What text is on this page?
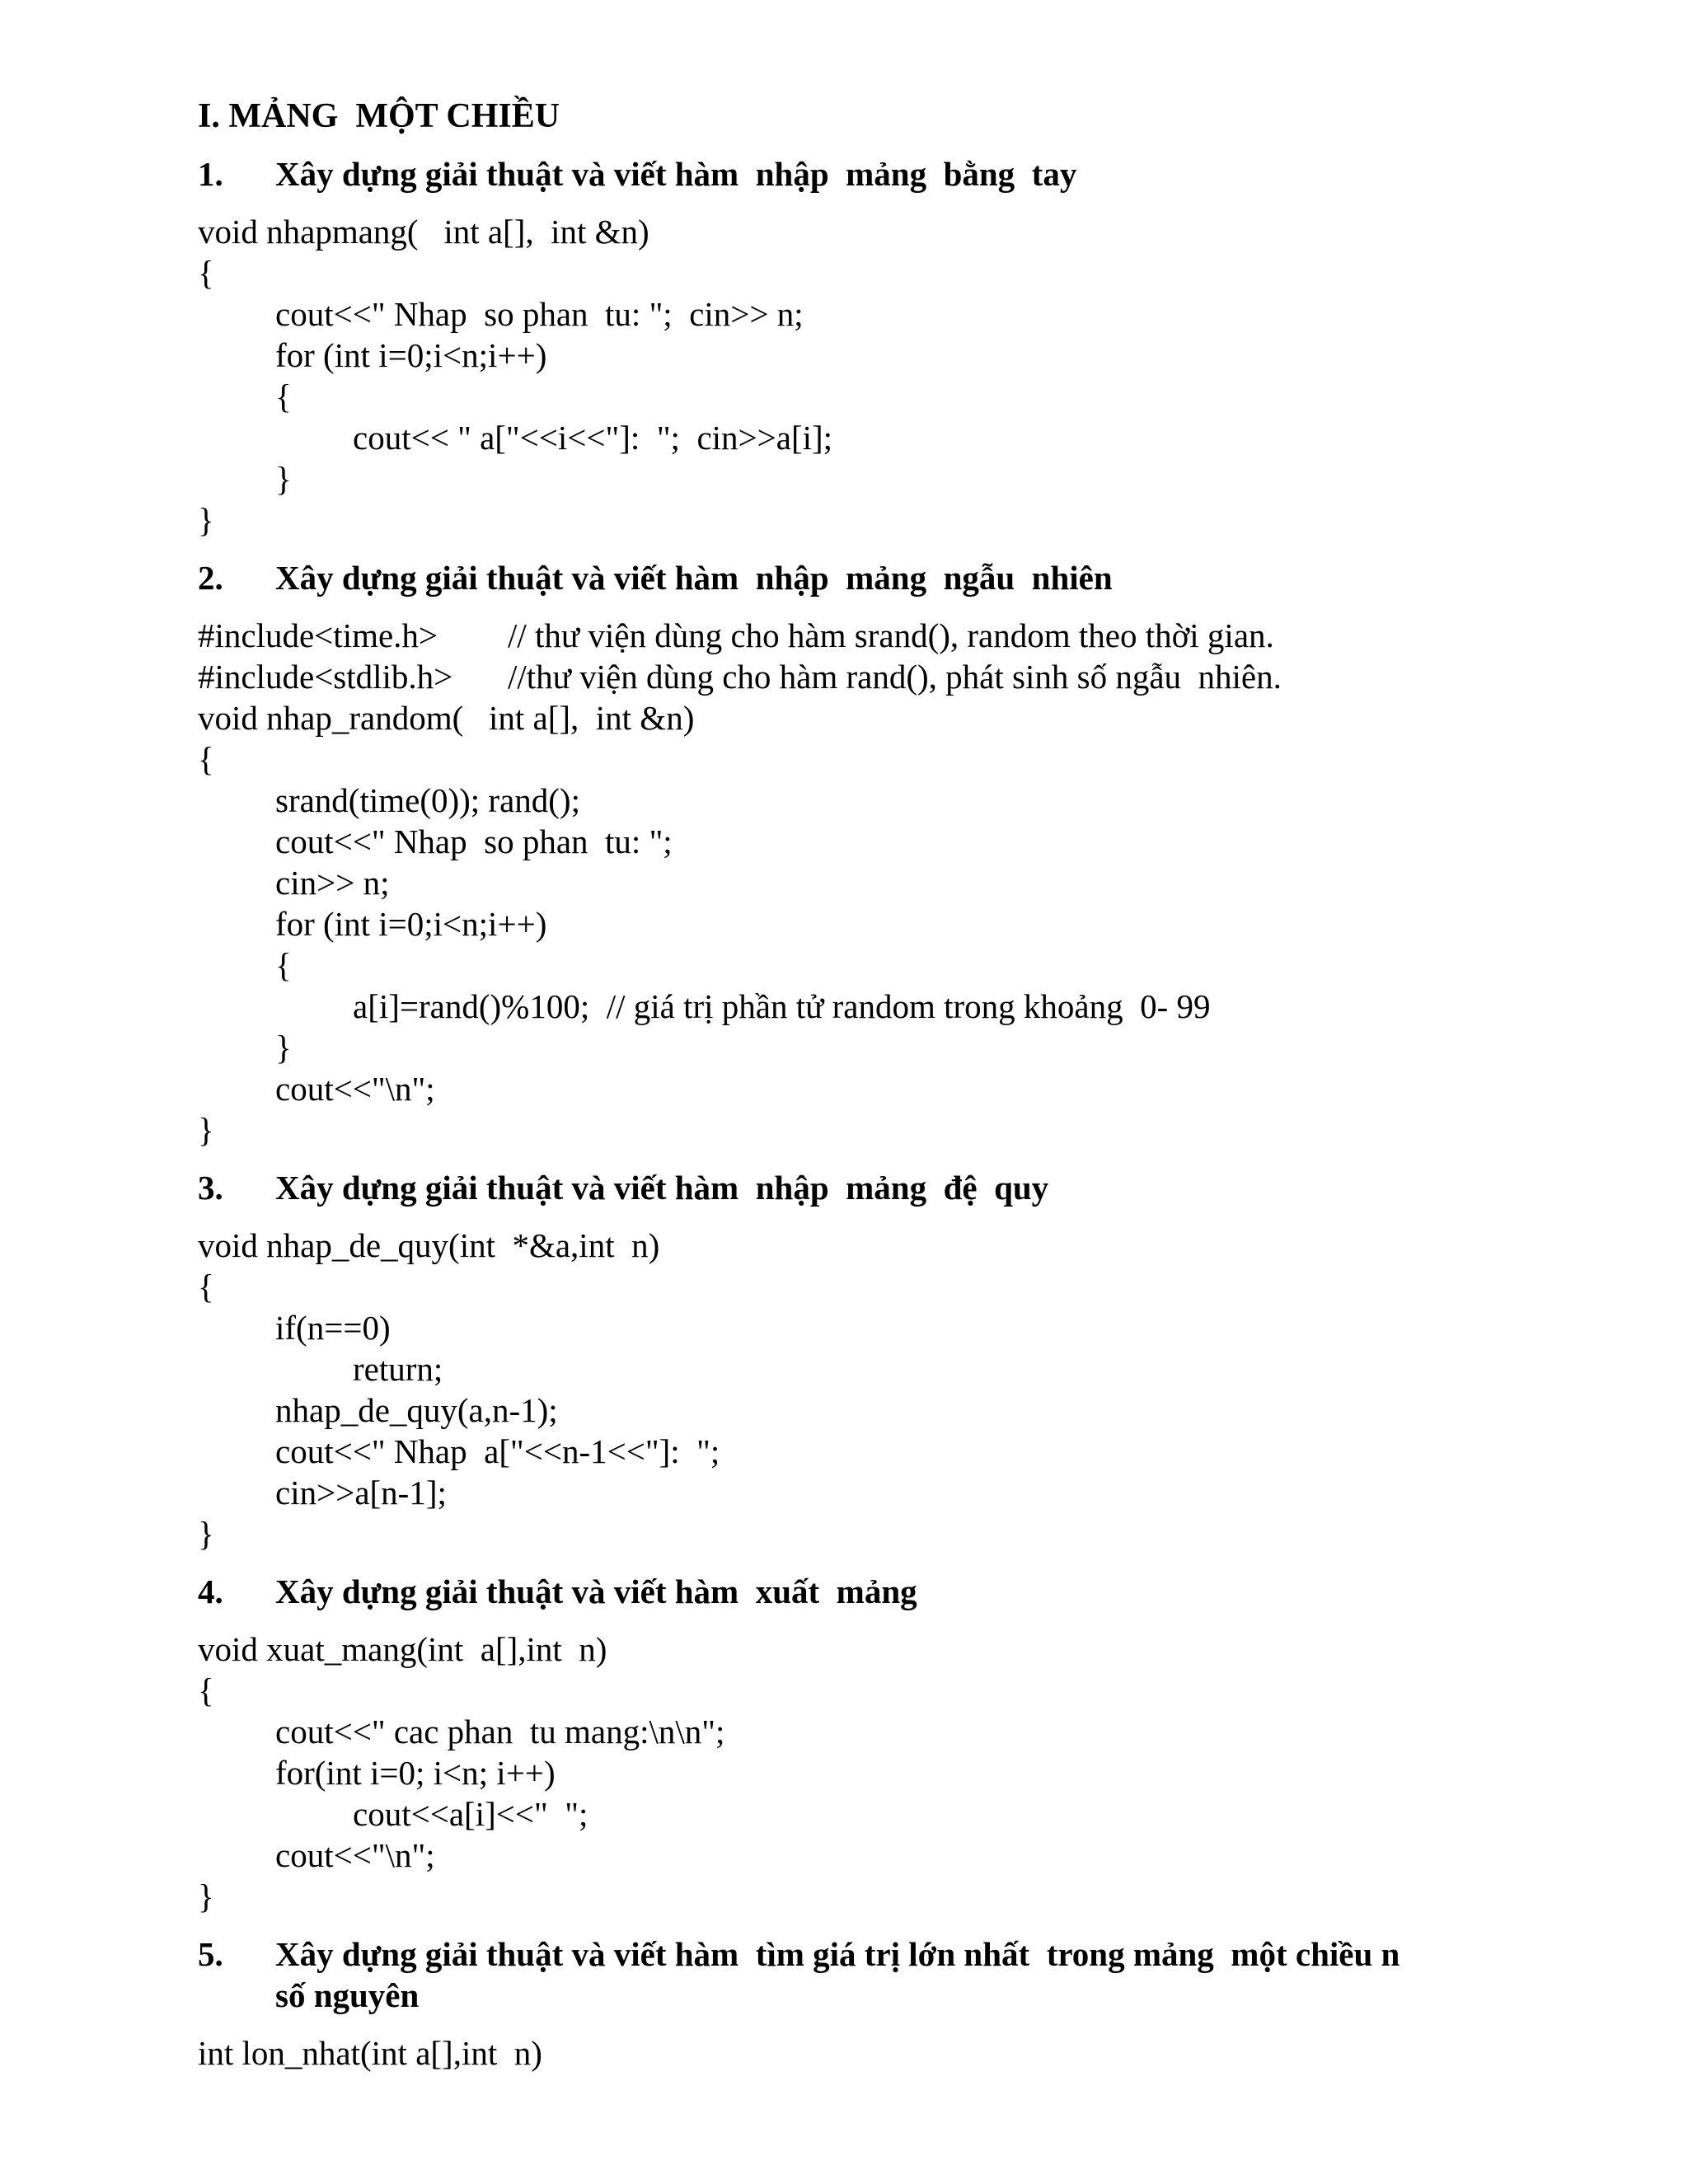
I. MẢNG  MỘT CHIỀU
1. Xây dựng giải thuật và viết hàm  nhập  mảng  bằng  tay
void nhapmang(   int a[],  int &n)
{
cout<<" Nhap  so phan  tu: ";  cin>> n;
for (int i=0;i<n;i++)
{
cout<< " a["<<i<<"]:  ";  cin>>a[i];
}
}
2. Xây dựng giải thuật và viết hàm  nhập  mảng  ngẫu  nhiên
#include<time.h> // thư viện dùng cho hàm srand(), random theo thời gian.
#include<stdlib.h> //thư viện dùng cho hàm rand(), phát sinh số ngẫu  nhiên.
void nhap_random(   int a[],  int &n)
{
srand(time(0)); rand();
cout<<" Nhap  so phan  tu: ";
cin>> n;
for (int i=0;i<n;i++)
{
a[i]=rand()%100;  // giá trị phần tử random trong khoảng  0- 99
}
cout<<"\n";
}
3. Xây dựng giải thuật và viết hàm  nhập  mảng  đệ  quy
void nhap_de_quy(int  *&a,int  n)
{
if(n==0)
return;
nhap_de_quy(a,n-1);
cout<<" Nhap  a["<<n-1<<"]:  ";
cin>>a[n-1];
}
4. Xây dựng giải thuật và viết hàm  xuất  mảng
void xuat_mang(int  a[],int  n)
{
cout<<" cac phan  tu mang:\n\n";
for(int i=0; i<n; i++)
cout<<a[i]<<"  ";
cout<<"\n";
}
5. Xây dựng giải thuật và viết hàm  tìm giá trị lớn nhất  trong mảng  một chiều n
số nguyên
int lon_nhat(int a[],int  n)
